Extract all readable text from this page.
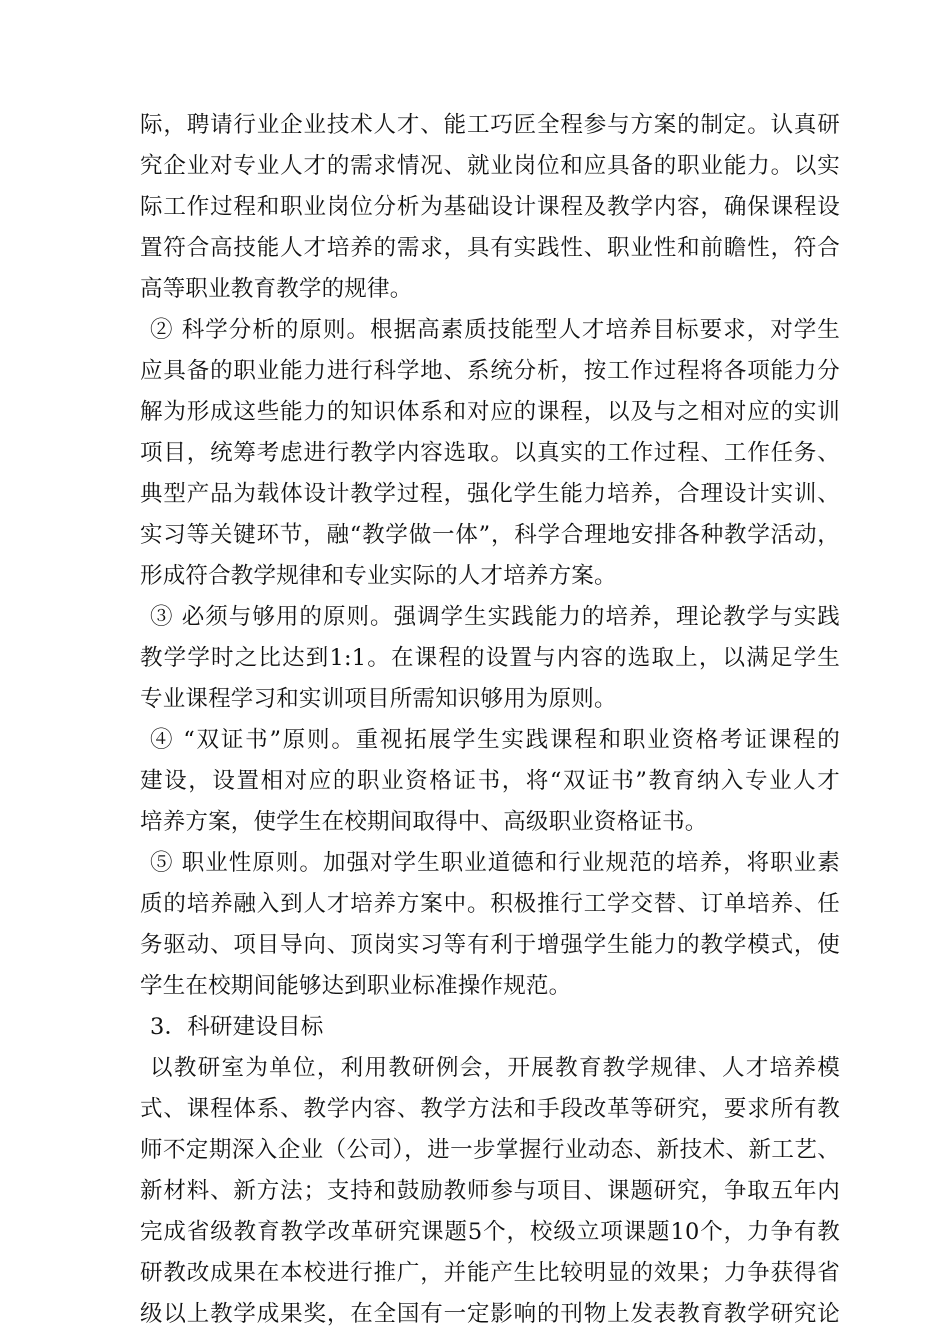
际，聘请行业企业技术人才、能工巧匠全程参与方案的制定。认真研
究企业对专业人才的需求情况、就业岗位和应具备的职业能力。以实
际工作过程和职业岗位分析为基础设计课程及教学内容，确保课程设
置符合高技能人才培养的需求，具有实践性、职业性和前瞻性，符合
高等职业教育教学的规律。
② 科学分析的原则。根据高素质技能型人才培养目标要求，对学生
应具备的职业能力进行科学地、系统分析，按工作过程将各项能力分
解为形成这些能力的知识体系和对应的课程，以及与之相对应的实训
项目，统筹考虑进行教学内容选取。以真实的工作过程、工作任务、
典型产品为载体设计教学过程，强化学生能力培养，合理设计实训、
实习等关键环节，融“教学做一体”，科学合理地安排各种教学活动，
形成符合教学规律和专业实际的人才培养方案。
③ 必须与够用的原则。强调学生实践能力的培养，理论教学与实践
教学学时之比达到1:1。在课程的设置与内容的选取上，以满足学生
专业课程学习和实训项目所需知识够用为原则。
④ “双证书”原则。重视拓展学生实践课程和职业资格考证课程的
建设，设置相对应的职业资格证书，将“双证书”教育纳入专业人才
培养方案，使学生在校期间取得中、高级职业资格证书。
⑤ 职业性原则。加强对学生职业道德和行业规范的培养，将职业素
质的培养融入到人才培养方案中。积极推行工学交替、订单培养、任
务驱动、项目导向、顶岗实习等有利于增强学生能力的教学模式，使
学生在校期间能够达到职业标准操作规范。
3．科研建设目标
以教研室为单位，利用教研例会，开展教育教学规律、人才培养模
式、课程体系、教学内容、教学方法和手段改革等研究，要求所有教
师不定期深入企业（公司），进一步掌握行业动态、新技术、新工艺、
新材料、新方法；支持和鼓励教师参与项目、课题研究，争取五年内
完成省级教育教学改革研究课题5个，校级立项课题10个，力争有教
研教改成果在本校进行推广，并能产生比较明显的效果；力争获得省
级以上教学成果奖，在全国有一定影响的刊物上发表教育教学研究论
